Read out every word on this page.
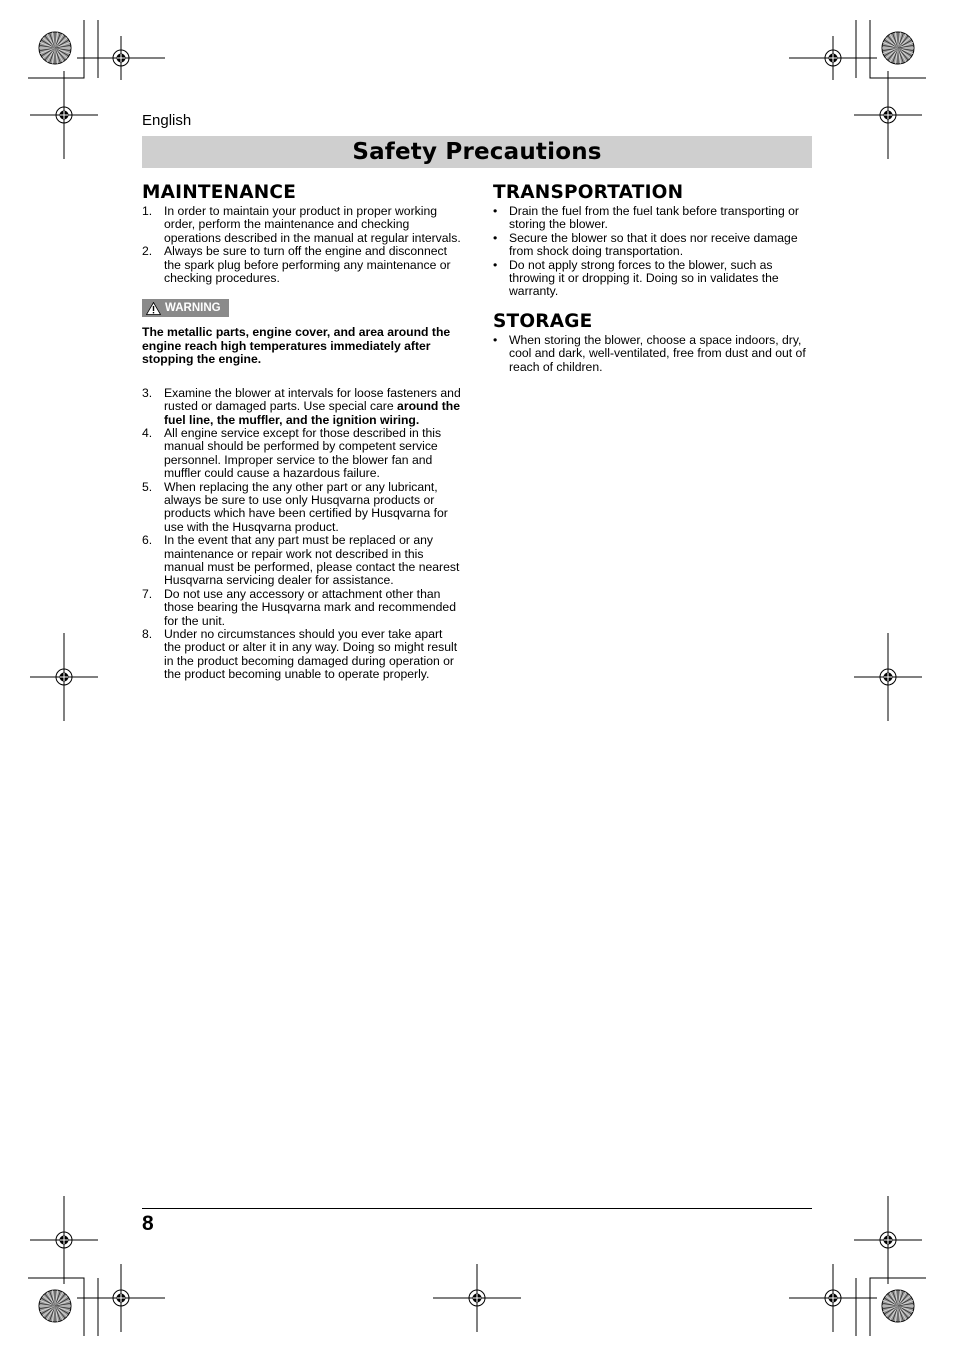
English
Safety Precautions
MAINTENANCE
1. In order to maintain your product in proper working order, perform the maintenance and checking operations described in the manual at regular intervals.
2. Always be sure to turn off the engine and disconnect the spark plug before performing any maintenance or checking procedures.
WARNING
The metallic parts, engine cover, and area around the engine reach high temperatures immediately after stopping the engine.
3. Examine the blower at intervals for loose fasteners and rusted or damaged parts. Use special care around the fuel line, the muffler, and the ignition wiring.
4. All engine service except for those described in this manual should be performed by competent service personnel. Improper service to the blower fan and muffler could cause a hazardous failure.
5. When replacing the any other part or any lubricant, always be sure to use only Husqvarna products or products which have been certified by Husqvarna for use with the Husqvarna product.
6. In the event that any part must be replaced or any maintenance or repair work not described in this manual must be performed, please contact the nearest Husqvarna servicing dealer for assistance.
7. Do not use any accessory or attachment other than those bearing the Husqvarna mark and recommended for the unit.
8. Under no circumstances should you ever take apart the product or alter it in any way. Doing so might result in the product becoming damaged during operation or the product becoming unable to operate properly.
TRANSPORTATION
• Drain the fuel from the fuel tank before transporting or storing the blower.
• Secure the blower so that it does nor receive damage from shock doing transportation.
• Do not apply strong forces to the blower, such as throwing it or dropping it. Doing so in validates the warranty.
STORAGE
• When storing the blower, choose a space indoors, dry, cool and dark, well-ventilated, free from dust and out of reach of children.
8
